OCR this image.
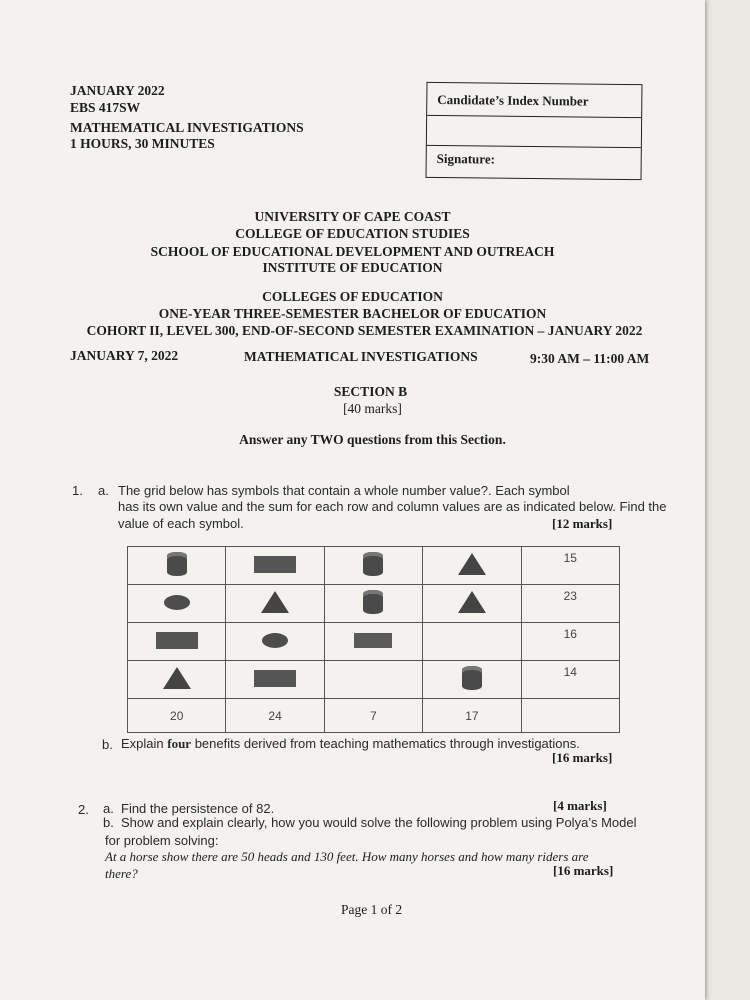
JANUARY 2022
EBS 417SW
MATHEMATICAL INVESTIGATIONS
1 HOURS, 30 MINUTES
Candidate’s Index Number
Signature:
UNIVERSITY OF CAPE COAST
COLLEGE OF EDUCATION STUDIES
SCHOOL OF EDUCATIONAL DEVELOPMENT AND OUTREACH
INSTITUTE OF EDUCATION
COLLEGES OF EDUCATION
ONE-YEAR THREE-SEMESTER BACHELOR OF EDUCATION
COHORT II, LEVEL 300, END-OF-SECOND SEMESTER EXAMINATION – JANUARY 2022
JANUARY 7, 2022	MATHEMATICAL INVESTIGATIONS	9:30 AM – 11:00 AM
SECTION B
[40 marks]
Answer any TWO questions from this Section.
1. a. The grid below has symbols that contain a whole number value?. Each symbol
has its own value and the sum for each row and column values are as indicated below. Find the
value of each symbol.	[12 marks]
				15
				23
				16
				14
20	24	7	17	
b. Explain four benefits derived from teaching mathematics through investigations.
[16 marks]
2. a. Find the persistence of 82.	[4 marks]
b. Show and explain clearly, how you would solve the following problem using Polya’s Model
for problem solving:
At a horse show there are 50 heads and 130 feet. How many horses and how many riders are
there?	[16 marks]
Page 1 of 2
